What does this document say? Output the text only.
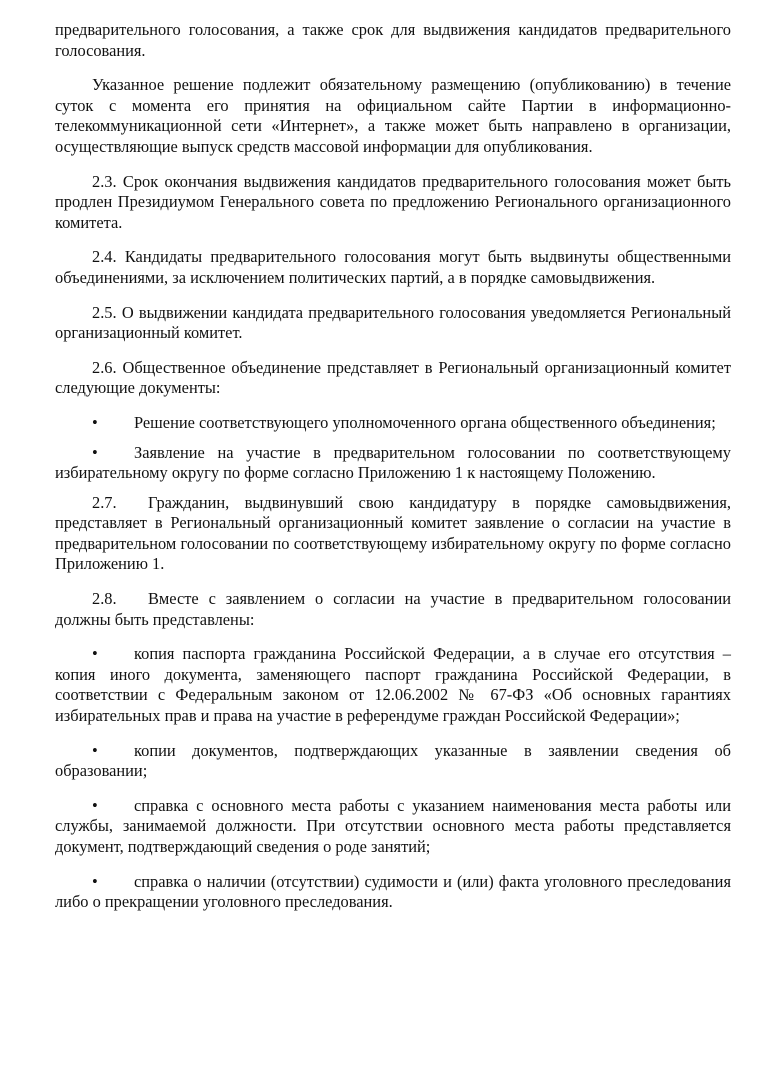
предварительного голосования, а также срок для выдвижения кандидатов предварительного голосования.

Указанное решение подлежит обязательному размещению (опубликованию) в течение суток с момента его принятия на официальном сайте Партии в информационно-телекоммуникационной сети «Интернет», а также может быть направлено в организации, осуществляющие выпуск средств массовой информации для опубликования.

2.3. Срок окончания выдвижения кандидатов предварительного голосования может быть продлен Президиумом Генерального совета по предложению Регионального организационного комитета.

2.4. Кандидаты предварительного голосования могут быть выдвинуты общественными объединениями, за исключением политических партий, а в порядке самовыдвижения.

2.5. О выдвижении кандидата предварительного голосования уведомляется Региональный организационный комитет.

2.6. Общественное объединение представляет в Региональный организационный комитет следующие документы:

• Решение соответствующего уполномоченного органа общественного объединения;

• Заявление на участие в предварительном голосовании по соответствующему избирательному округу по форме согласно Приложению 1 к настоящему Положению.

2.7. Гражданин, выдвинувший свою кандидатуру в порядке самовыдвижения, представляет в Региональный организационный комитет заявление о согласии на участие в предварительном голосовании по соответствующему избирательному округу по форме согласно Приложению 1.

2.8. Вместе с заявлением о согласии на участие в предварительном голосовании должны быть представлены:

• копия паспорта гражданина Российской Федерации, а в случае его отсутствия – копия иного документа, заменяющего паспорт гражданина Российской Федерации, в соответствии с Федеральным законом от 12.06.2002 № 67-ФЗ «Об основных гарантиях избирательных прав и права на участие в референдуме граждан Российской Федерации»;

• копии документов, подтверждающих указанные в заявлении сведения об образовании;

• справка с основного места работы с указанием наименования места работы или службы, занимаемой должности. При отсутствии основного места работы представляется документ, подтверждающий сведения о роде занятий;

• справка о наличии (отсутствии) судимости и (или) факта уголовного преследования либо о прекращении уголовного преследования.
